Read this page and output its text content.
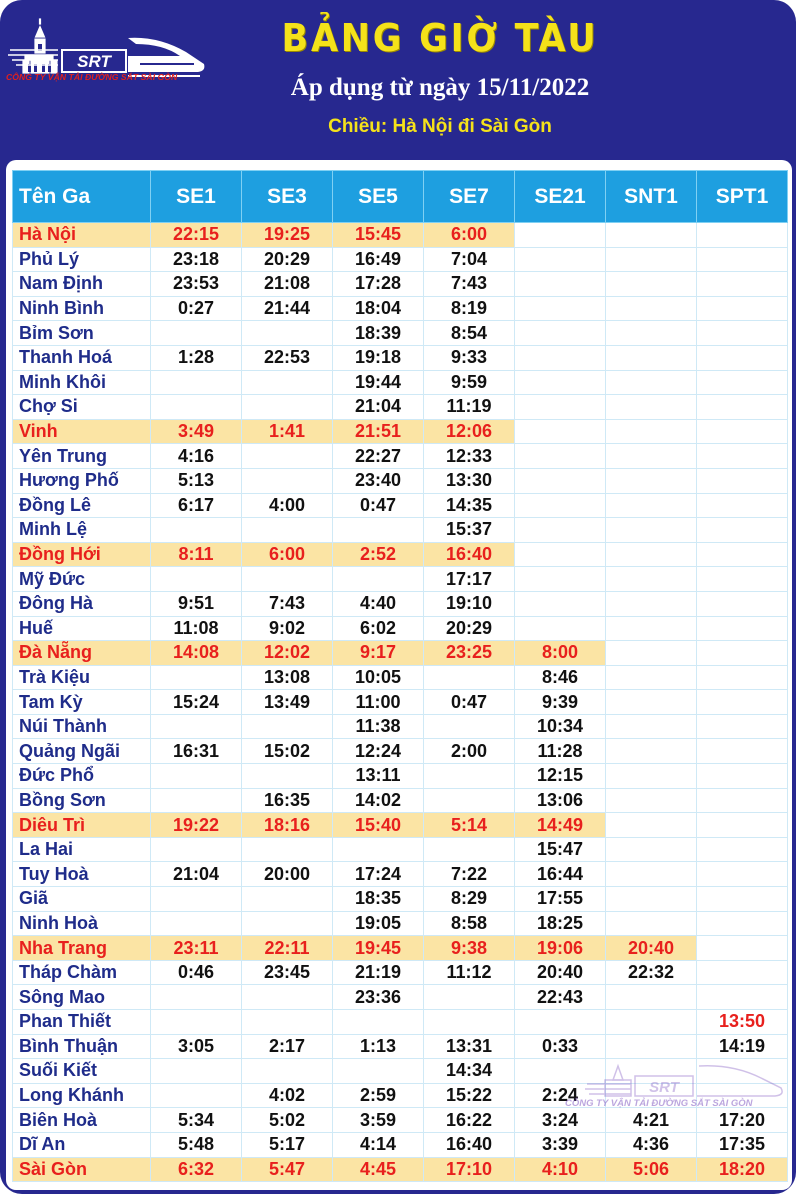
SRT
CÔNG TY VẬN TẢI ĐƯỜNG SẮT SÀI GÒN
BẢNG GIỜ TÀU
Áp dụng từ ngày 15/11/2022
Chiều: Hà Nội đi Sài Gòn
Tên Ga	SE1	SE3	SE5	SE7	SE21	SNT1	SPT1
Hà Nội	22:15	19:25	15:45	6:00			
Phủ Lý	23:18	20:29	16:49	7:04			
Nam Định	23:53	21:08	17:28	7:43			
Ninh Bình	0:27	21:44	18:04	8:19			
Bỉm Sơn			18:39	8:54			
Thanh Hoá	1:28	22:53	19:18	9:33			
Minh Khôi			19:44	9:59			
Chợ Si			21:04	11:19			
Vinh	3:49	1:41	21:51	12:06			
Yên Trung	4:16		22:27	12:33			
Hương Phố	5:13		23:40	13:30			
Đồng Lê	6:17	4:00	0:47	14:35			
Minh Lệ				15:37			
Đồng Hới	8:11	6:00	2:52	16:40			
Mỹ Đức				17:17			
Đông Hà	9:51	7:43	4:40	19:10			
Huế	11:08	9:02	6:02	20:29			
Đà Nẵng	14:08	12:02	9:17	23:25	8:00		
Trà Kiệu		13:08	10:05		8:46		
Tam Kỳ	15:24	13:49	11:00	0:47	9:39		
Núi Thành			11:38		10:34		
Quảng Ngãi	16:31	15:02	12:24	2:00	11:28		
Đức Phổ			13:11		12:15		
Bồng Sơn		16:35	14:02		13:06		
Diêu Trì	19:22	18:16	15:40	5:14	14:49		
La Hai					15:47		
Tuy Hoà	21:04	20:00	17:24	7:22	16:44		
Giã			18:35	8:29	17:55		
Ninh Hoà			19:05	8:58	18:25		
Nha Trang	23:11	22:11	19:45	9:38	19:06	20:40	
Tháp Chàm	0:46	23:45	21:19	11:12	20:40	22:32	
Sông Mao			23:36		22:43		
Phan Thiết							13:50
Bình Thuận	3:05	2:17	1:13	13:31	0:33		14:19
Suối Kiết				14:34			
Long Khánh		4:02	2:59	15:22	2:24		
Biên Hoà	5:34	5:02	3:59	16:22	3:24	4:21	17:20
Dĩ An	5:48	5:17	4:14	16:40	3:39	4:36	17:35
Sài Gòn	6:32	5:47	4:45	17:10	4:10	5:06	18:20
SRT
CÔNG TY VẬN TẢI ĐƯỜNG SẮT SÀI GÒN
